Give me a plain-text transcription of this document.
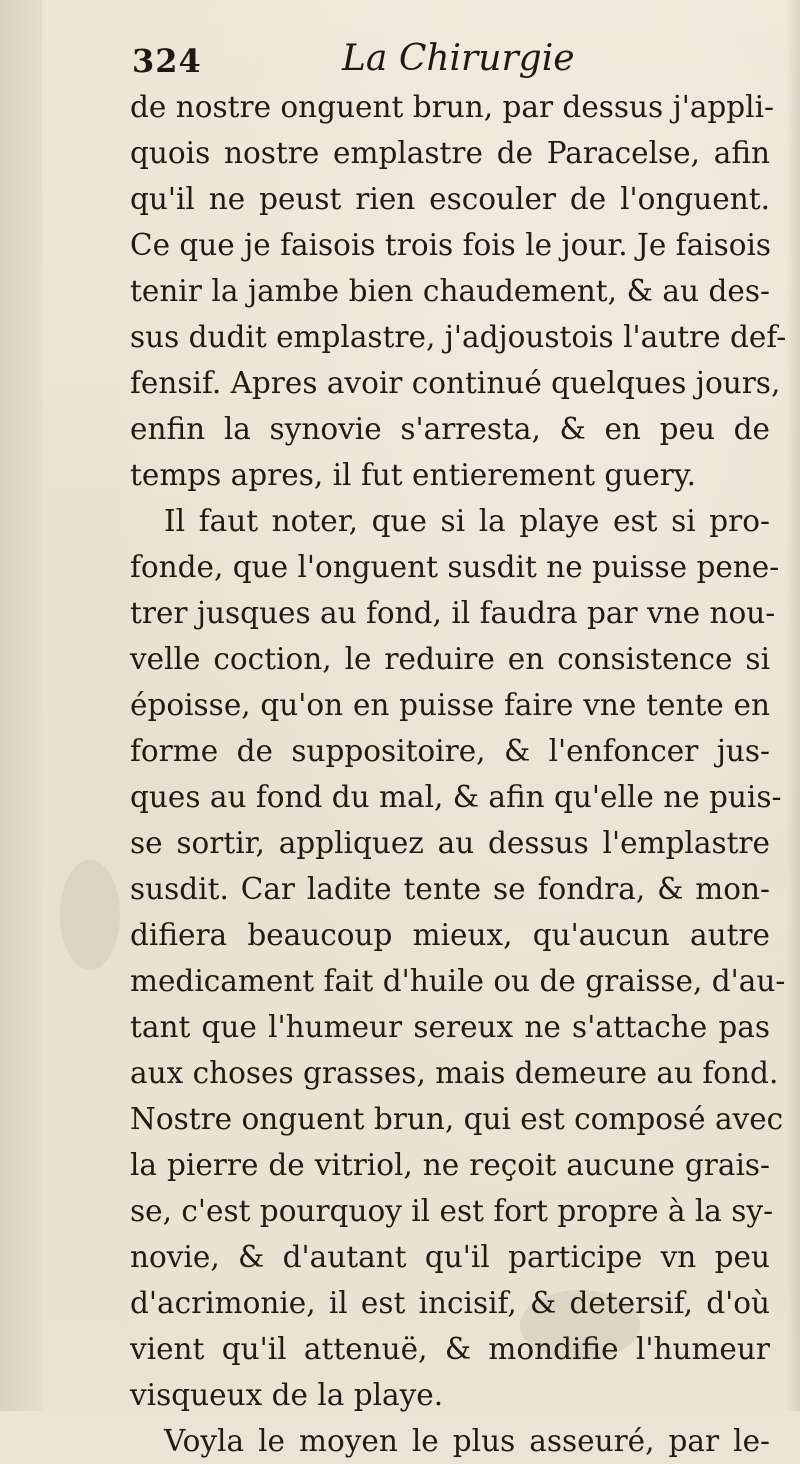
324	La Chirurgie
de nostre onguent brun, par dessus j'appli-
quois nostre emplastre de Paracelse, afin
qu'il ne peust rien escouler de l'onguent.
Ce que je faisois trois fois le jour. Je faisois
tenir la jambe bien chaudement, & au des-
sus dudit emplastre, j'adjoustois l'autre def-
fensif. Apres avoir continué quelques jours,
enfin la synovie s'arresta, & en peu de
temps apres, il fut entierement guery.
Il faut noter, que si la playe est si pro-
fonde, que l'onguent susdit ne puisse pene-
trer jusques au fond, il faudra par vne nou-
velle coction, le reduire en consistence si
époisse, qu'on en puisse faire vne tente en
forme de suppositoire, & l'enfoncer jus-
ques au fond du mal, & afin qu'elle ne puis-
se sortir, appliquez au dessus l'emplastre
susdit. Car ladite tente se fondra, & mon-
difiera beaucoup mieux, qu'aucun autre
medicament fait d'huile ou de graisse, d'au-
tant que l'humeur sereux ne s'attache pas
aux choses grasses, mais demeure au fond.
Nostre onguent brun, qui est composé avec
la pierre de vitriol, ne reçoit aucune grais-
se, c'est pourquoy il est fort propre à la sy-
novie, & d'autant qu'il participe vn peu
d'acrimonie, il est incisif, & detersif, d'où
vient qu'il attenuë, & mondifie l'humeur
visqueux de la playe.
Voyla le moyen le plus asseuré, par le-
